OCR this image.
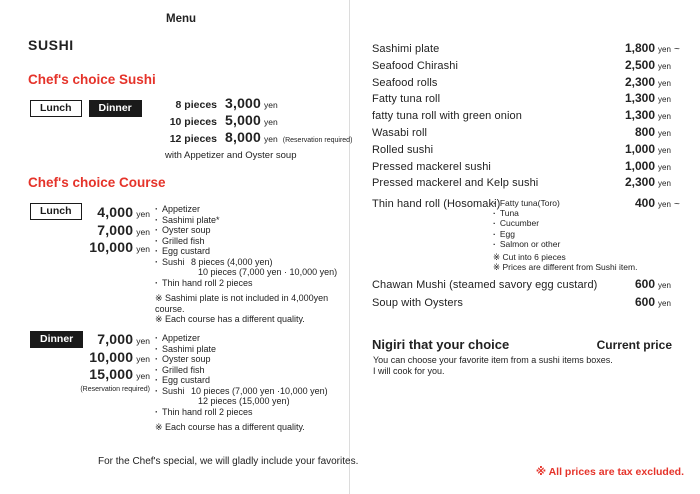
Menu
SUSHI
Chef's choice Sushi
Lunch	Dinner	8 pieces 3,000 yen
10 pieces 5,000 yen
12 pieces 8,000 yen (Reservation required)
with Appetizer and Oyster soup
Chef's choice Course
Lunch	4,000 yen
7,000 yen
10,000 yen
· Appetizer
· Sashimi plate*
· Oyster soup
· Grilled fish
· Egg custard
· Sushi 8 pieces (4,000 yen)
10 pieces (7,000 yen · 10,000 yen)
· Thin hand roll 2 pieces
※ Sashimi plate is not included in 4,000yen course.
※ Each course has a different quality.
Dinner	7,000 yen
10,000 yen
15,000 yen
(Reservation required)
· Appetizer
· Sashimi plate
· Oyster soup
· Grilled fish
· Egg custard
· Sushi 10 pieces (7,000 yen ·10,000 yen)
12 pieces (15,000 yen)
· Thin hand roll 2 pieces
※ Each course has a different quality.
For the Chef's special, we will gladly include your favorites.
Sashimi plate	1,800 yen ~
Seafood Chirashi	2,500 yen
Seafood rolls	2,300 yen
Fatty tuna roll	1,300 yen
fatty tuna roll with green onion	1,300 yen
Wasabi roll	800 yen
Rolled sushi	1,000 yen
Pressed mackerel sushi	1,000 yen
Pressed mackerel and Kelp sushi	2,300 yen
Thin hand roll (Hosomaki)	400 yen ~
· Fatty tuna(Toro)
· Tuna
· Cucumber
· Egg
· Salmon or other
※ Cut into 6 pieces
※ Prices are different from Sushi item.
Chawan Mushi (steamed savory egg custard)	600 yen
Soup with Oysters	600 yen
Nigiri that your choice	Current price
You can choose your favorite item from a sushi items boxes.
I will cook for you.
※ All prices are tax excluded.
